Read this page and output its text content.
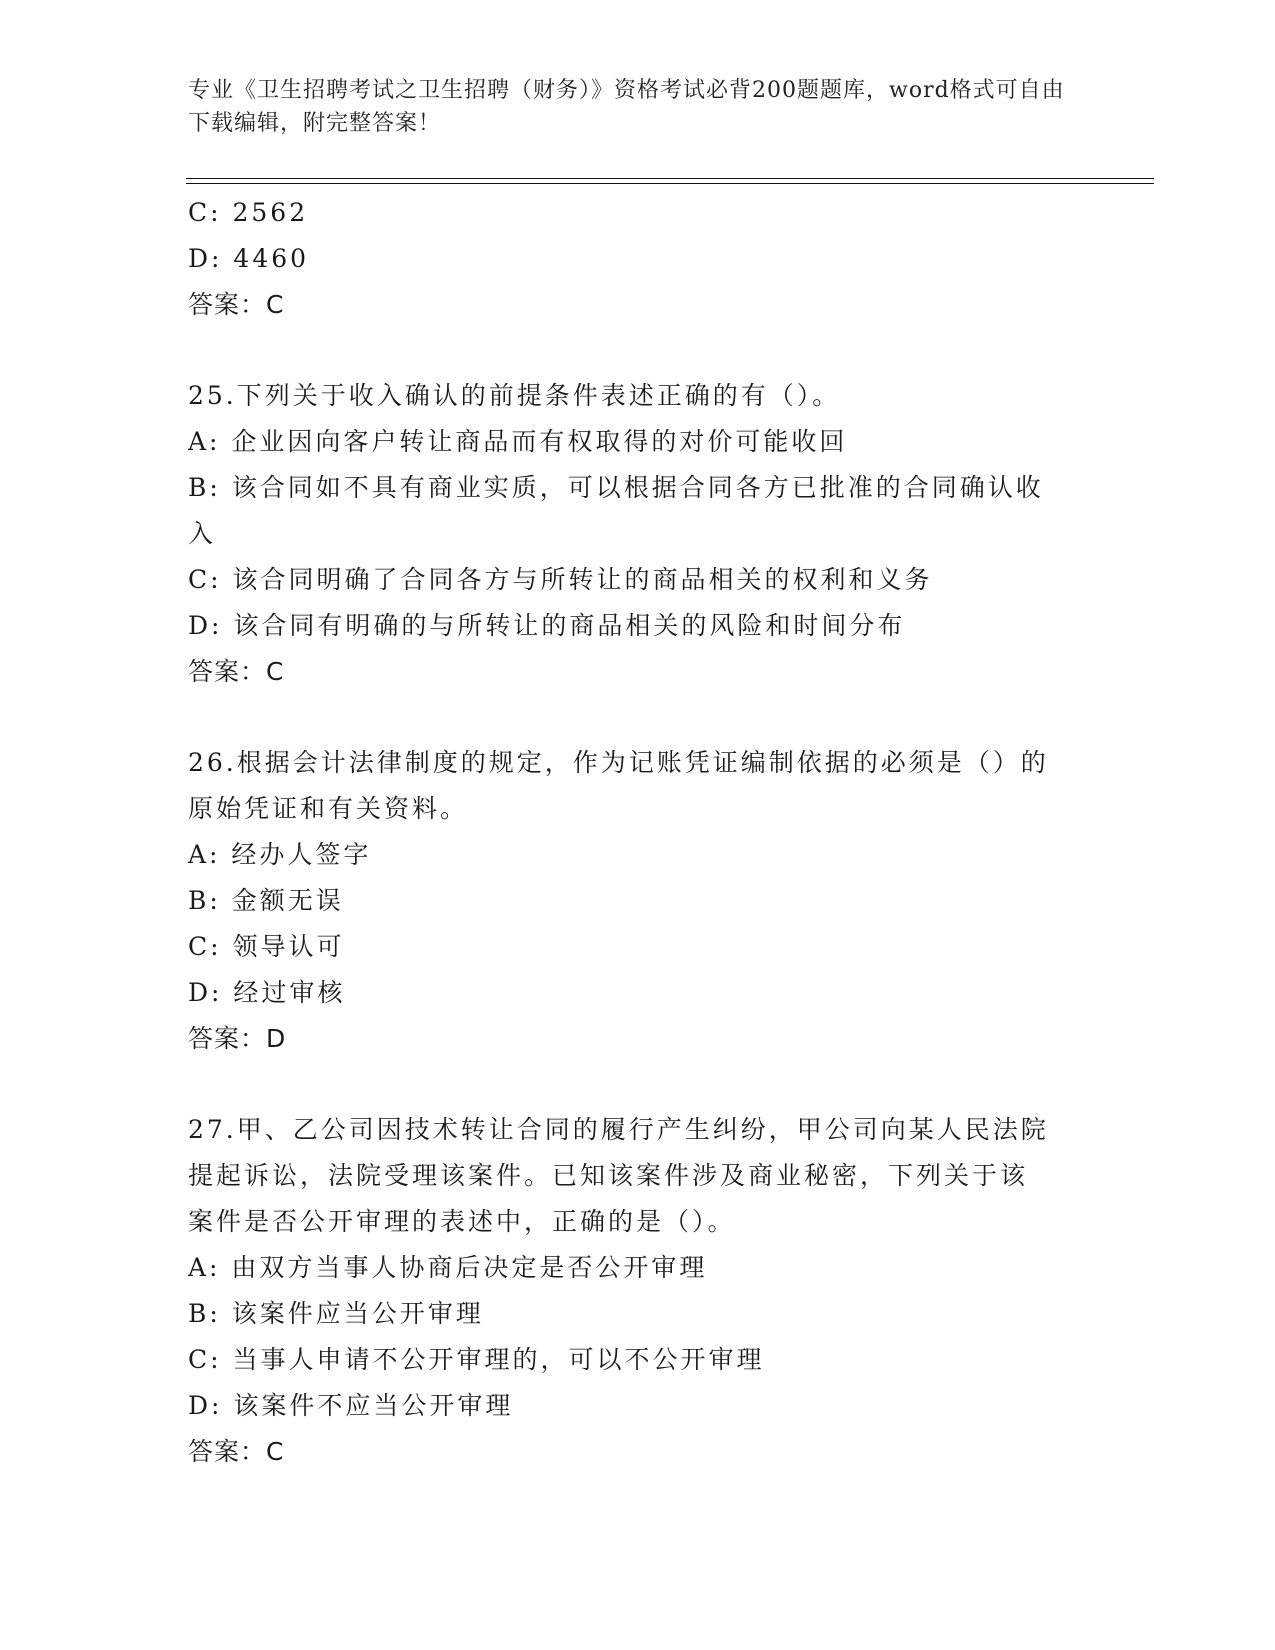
专业《卫生招聘考试之卫生招聘（财务）》资格考试必背200题题库，word格式可自由下载编辑，附完整答案！
C: 2562
D: 4460
答案：C
25.下列关于收入确认的前提条件表述正确的有（）。
A: 企业因向客户转让商品而有权取得的对价可能收回
B: 该合同如不具有商业实质，可以根据合同各方已批准的合同确认收
入
C: 该合同明确了合同各方与所转让的商品相关的权利和义务
D: 该合同有明确的与所转让的商品相关的风险和时间分布
答案：C
26.根据会计法律制度的规定，作为记账凭证编制依据的必须是（）的
原始凭证和有关资料。
A: 经办人签字
B: 金额无误
C: 领导认可
D: 经过审核
答案：D
27.甲、乙公司因技术转让合同的履行产生纠纷，甲公司向某人民法院
提起诉讼，法院受理该案件。已知该案件涉及商业秘密，下列关于该
案件是否公开审理的表述中，正确的是（）。
A: 由双方当事人协商后决定是否公开审理
B: 该案件应当公开审理
C: 当事人申请不公开审理的，可以不公开审理
D: 该案件不应当公开审理
答案：C
